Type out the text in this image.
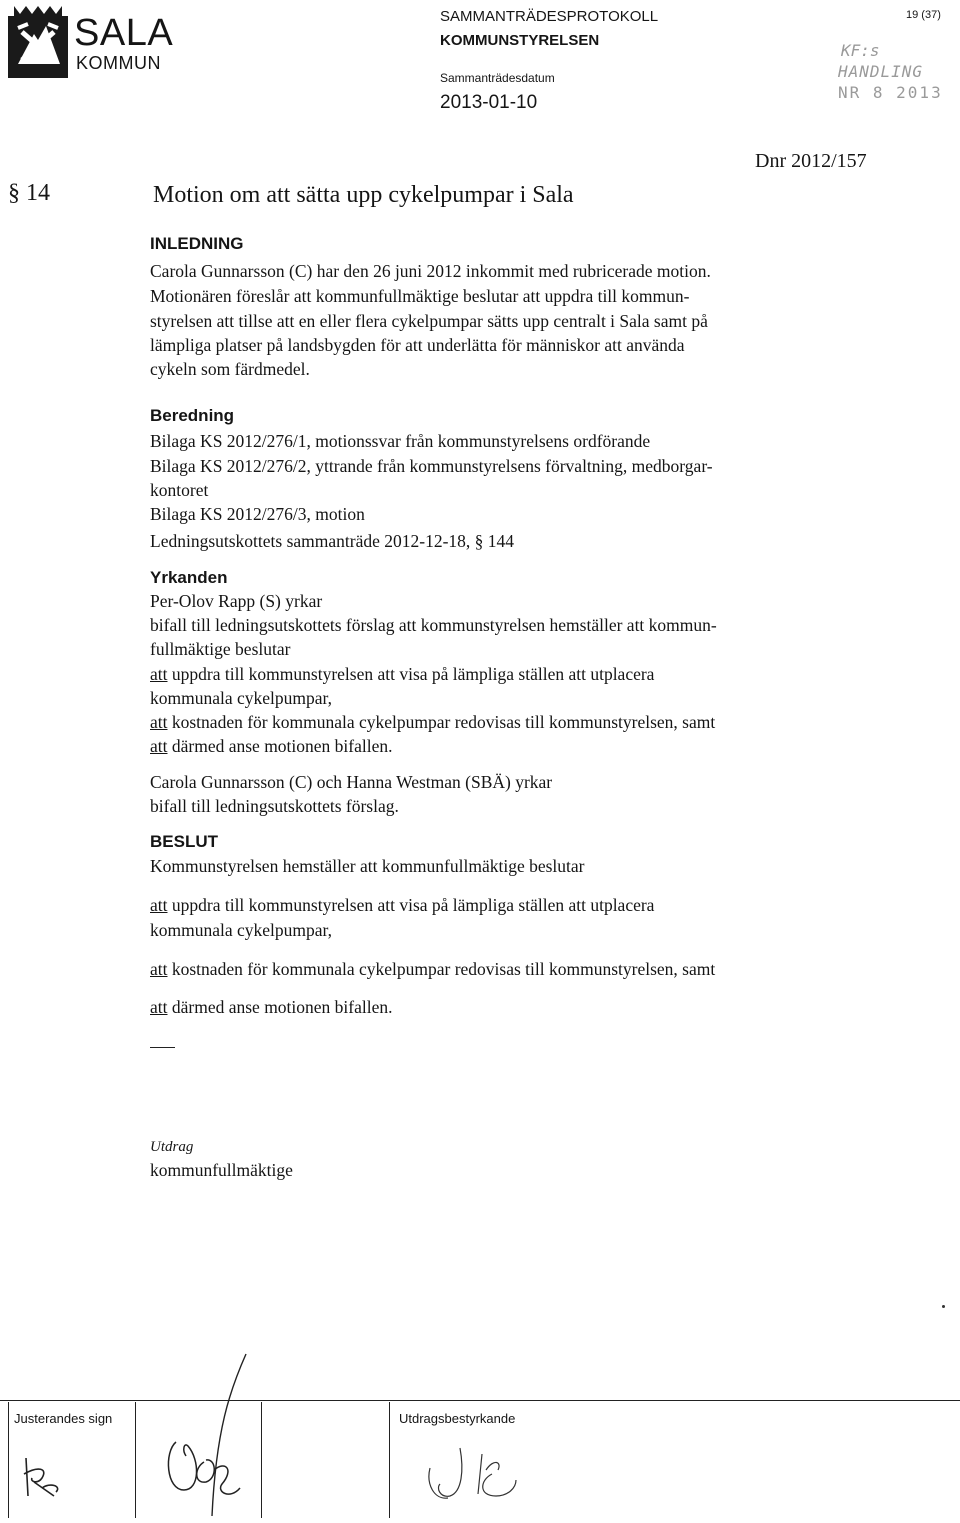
SALA
KOMMUN
SAMMANTRÄDESPROTOKOLL
KOMMUNSTYRELSEN
Sammanträdesdatum
2013-01-10
19 (37)
KF:s
HANDLING
NR 8 2013
Dnr 2012/157
§ 14	Motion om att sätta upp cykelpumpar i Sala
INLEDNING
Carola Gunnarsson (C) har den 26 juni 2012 inkommit med rubricerade motion.
Motionären föreslår att kommunfullmäktige beslutar att uppdra till kommun-
styrelsen att tillse att en eller flera cykelpumpar sätts upp centralt i Sala samt på
lämpliga platser på landsbygden för att underlätta för människor att använda
cykeln som färdmedel.
Beredning
Bilaga KS 2012/276/1, motionssvar från kommunstyrelsens ordförande
Bilaga KS 2012/276/2, yttrande från kommunstyrelsens förvaltning, medborgar-
kontoret
Bilaga KS 2012/276/3, motion
Ledningsutskottets sammanträde 2012-12-18, § 144
Yrkanden
Per-Olov Rapp (S) yrkar
bifall till ledningsutskottets förslag att kommunstyrelsen hemställer att kommun-
fullmäktige beslutar
att uppdra till kommunstyrelsen att visa på lämpliga ställen att utplacera
kommunala cykelpumpar,
att kostnaden för kommunala cykelpumpar redovisas till kommunstyrelsen, samt
att därmed anse motionen bifallen.
Carola Gunnarsson (C) och Hanna Westman (SBÄ) yrkar
bifall till ledningsutskottets förslag.
BESLUT
Kommunstyrelsen hemställer att kommunfullmäktige beslutar
att uppdra till kommunstyrelsen att visa på lämpliga ställen att utplacera
kommunala cykelpumpar,
att kostnaden för kommunala cykelpumpar redovisas till kommunstyrelsen, samt
att därmed anse motionen bifallen.
Utdrag
kommunfullmäktige
Justerandes sign	Utdragsbestyrkande
